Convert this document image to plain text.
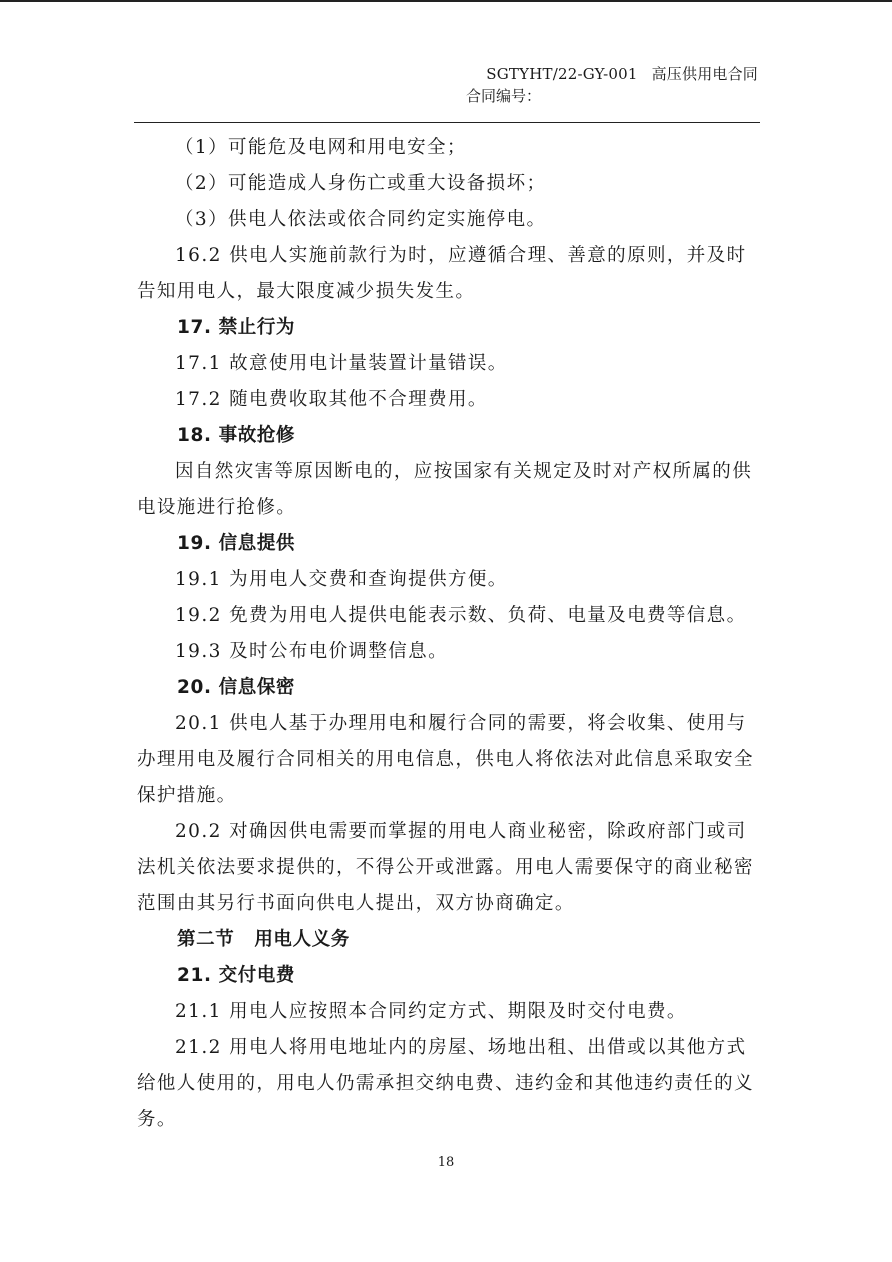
SGTYHT/22-GY-001 高压供用电合同
合同编号：

（1）可能危及电网和用电安全；

（2）可能造成人身伤亡或重大设备损坏；

（3）供电人依法或依合同约定实施停电。

16.2 供电人实施前款行为时，应遵循合理、善意的原则，并及时告知用电人，最大限度减少损失发生。

17. 禁止行为

17.1 故意使用电计量装置计量错误。

17.2 随电费收取其他不合理费用。

18. 事故抢修

因自然灾害等原因断电的，应按国家有关规定及时对产权所属的供电设施进行抢修。

19. 信息提供

19.1 为用电人交费和查询提供方便。

19.2 免费为用电人提供电能表示数、负荷、电量及电费等信息。

19.3 及时公布电价调整信息。

20. 信息保密

20.1 供电人基于办理用电和履行合同的需要，将会收集、使用与办理用电及履行合同相关的用电信息，供电人将依法对此信息采取安全保护措施。

20.2 对确因供电需要而掌握的用电人商业秘密，除政府部门或司法机关依法要求提供的，不得公开或泄露。用电人需要保守的商业秘密范围由其另行书面向供电人提出，双方协商确定。

第二节 用电人义务

21. 交付电费

21.1 用电人应按照本合同约定方式、期限及时交付电费。

21.2 用电人将用电地址内的房屋、场地出租、出借或以其他方式给他人使用的，用电人仍需承担交纳电费、违约金和其他违约责任的义务。

18
